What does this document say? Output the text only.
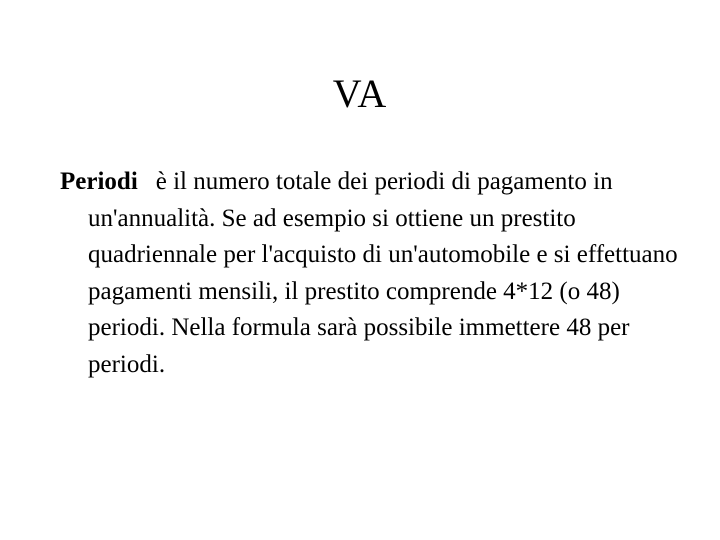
VA

Periodi è il numero totale dei periodi di pagamento in un'annualità. Se ad esempio si ottiene un prestito quadriennale per l'acquisto di un'automobile e si effettuano pagamenti mensili, il prestito comprende 4*12 (o 48) periodi. Nella formula sarà possibile immettere 48 per periodi.
